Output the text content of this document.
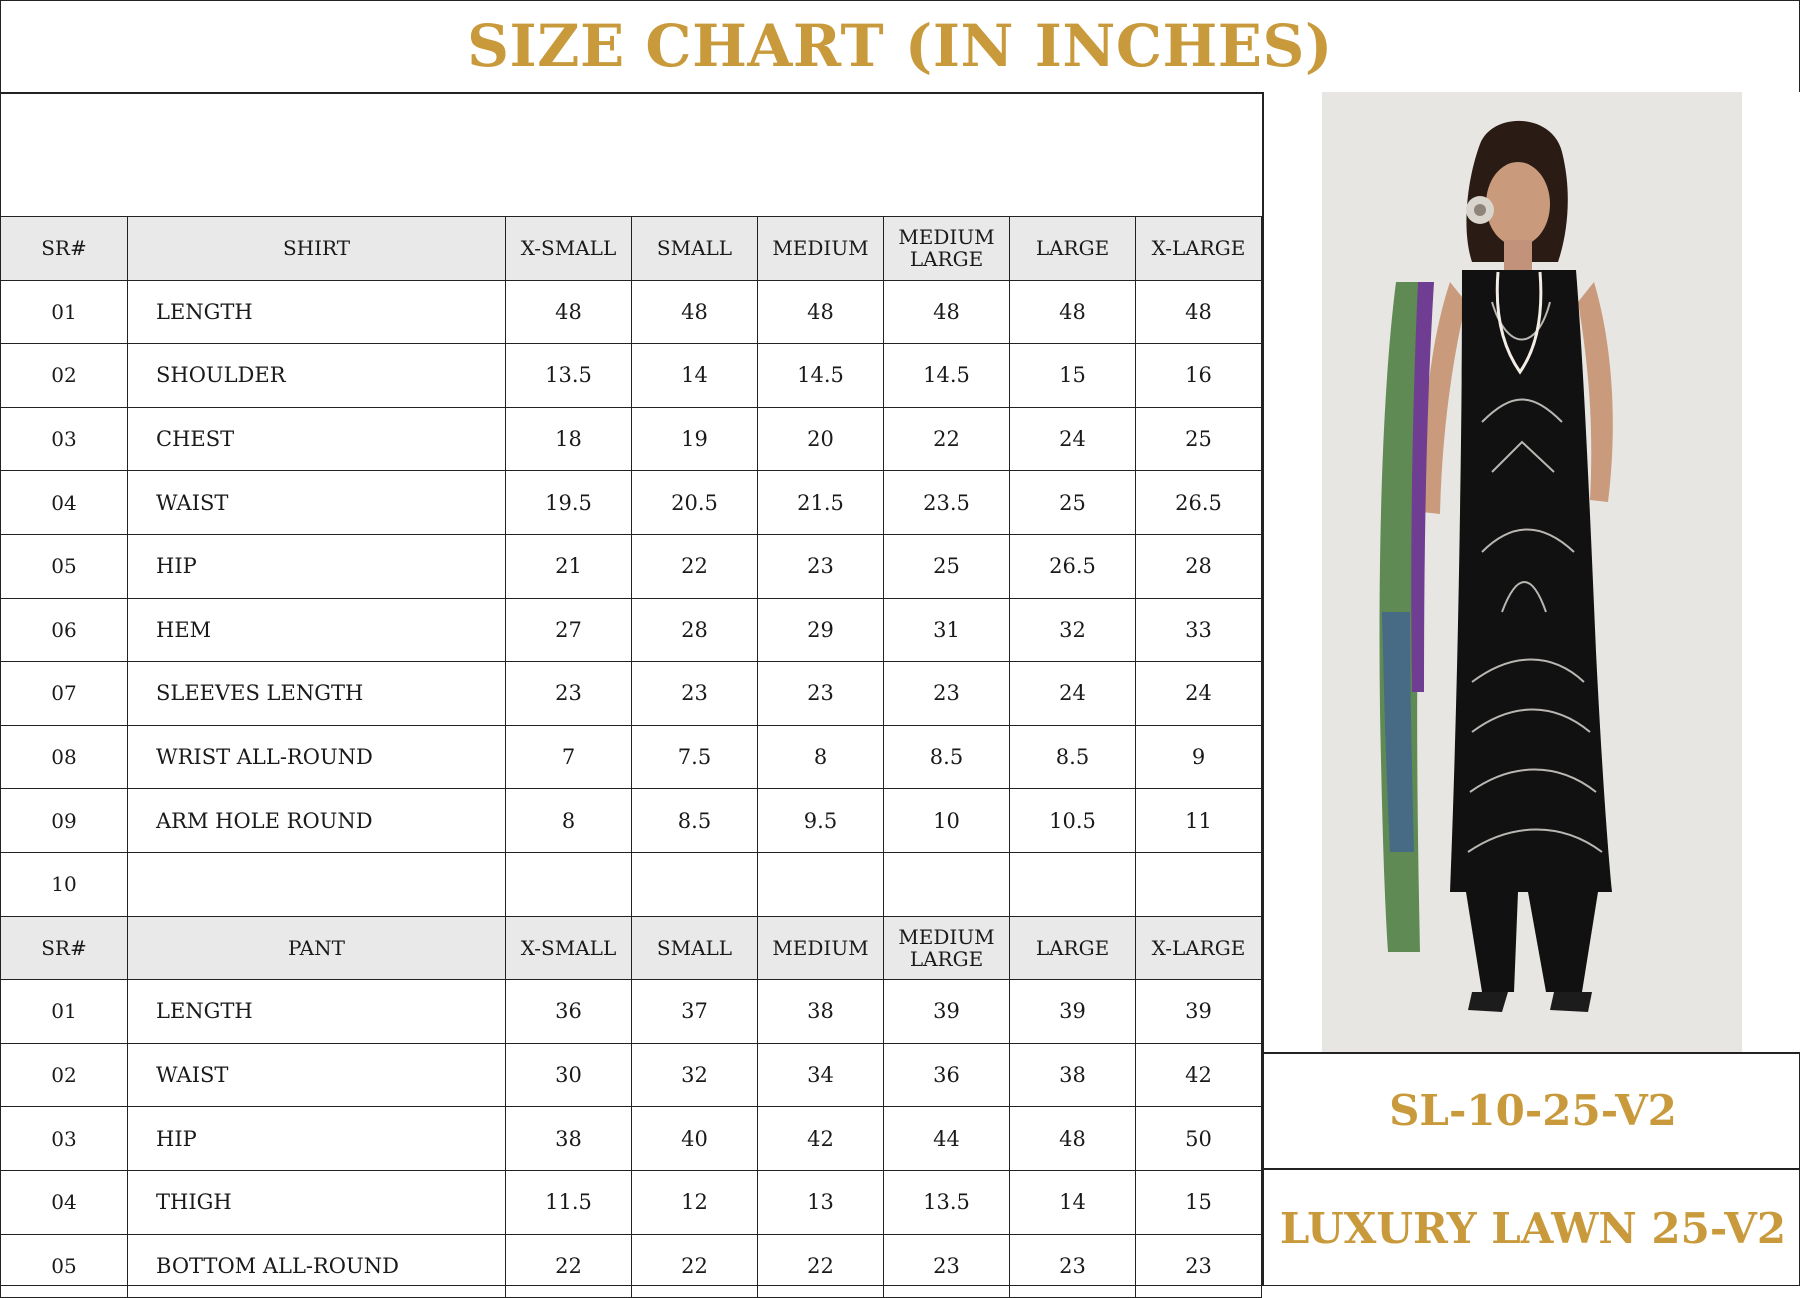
SIZE CHART (IN INCHES)
SR#	SHIRT	X-SMALL	SMALL	MEDIUM	MEDIUM LARGE	LARGE	X-LARGE
01	LENGTH	48	48	48	48	48	48
02	SHOULDER	13.5	14	14.5	14.5	15	16
03	CHEST	18	19	20	22	24	25
04	WAIST	19.5	20.5	21.5	23.5	25	26.5
05	HIP	21	22	23	25	26.5	28
06	HEM	27	28	29	31	32	33
07	SLEEVES LENGTH	23	23	23	23	24	24
08	WRIST ALL-ROUND	7	7.5	8	8.5	8.5	9
09	ARM HOLE ROUND	8	8.5	9.5	10	10.5	11
10							
SR#	PANT	X-SMALL	SMALL	MEDIUM	MEDIUM LARGE	LARGE	X-LARGE
01	LENGTH	36	37	38	39	39	39
02	WAIST	30	32	34	36	38	42
03	HIP	38	40	42	44	48	50
04	THIGH	11.5	12	13	13.5	14	15
05	BOTTOM ALL-ROUND	22	22	22	23	23	23
SL-10-25-V2
LUXURY LAWN 25-V2
